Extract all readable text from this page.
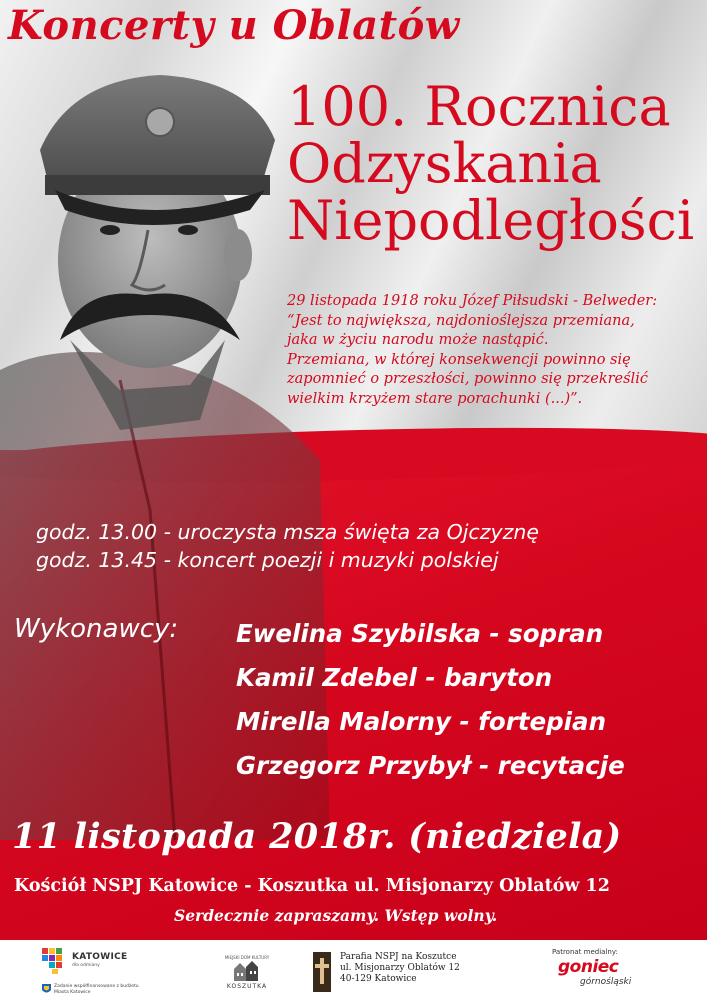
Koncerty u Oblatów
100. Rocznica
Odzyskania
Niepodległości

29 listopada 1918 roku Józef Piłsudski - Belweder:
“Jest to największa, najdonioślejsza przemiana,
jaka w życiu narodu może nastąpić.
Przemiana, w której konsekwencji powinno się
zapomnieć o przeszłości, powinno się przekreślić
wielkim krzyżem stare porachunki (...)”.

godz. 13.00 - uroczysta msza święta za Ojczyznę
godz. 13.45 - koncert poezji i muzyki polskiej
Wykonawcy: Ewelina Szybilska - sopran
Kamil Zdebel - baryton
Mirella Malorny - fortepian
Grzegorz Przybył - recytacje
11 listopada 2018r. (niedziela)
Kościół NSPJ Katowice - Koszutka ul. Misjonarzy Oblatów 12
Serdecznie zapraszamy. Wstęp wolny.
KATOWICE
dla odmiany
Zadanie współfinansowane z budżetu
Miasta Katowice
MIEJSKI DOM KULTURY
KOSZUTKA
Parafia NSPJ na Koszutce
ul. Misjonarzy Oblatów 12
40-129 Katowice
Patronat medialny:
goniec
górnośląski
